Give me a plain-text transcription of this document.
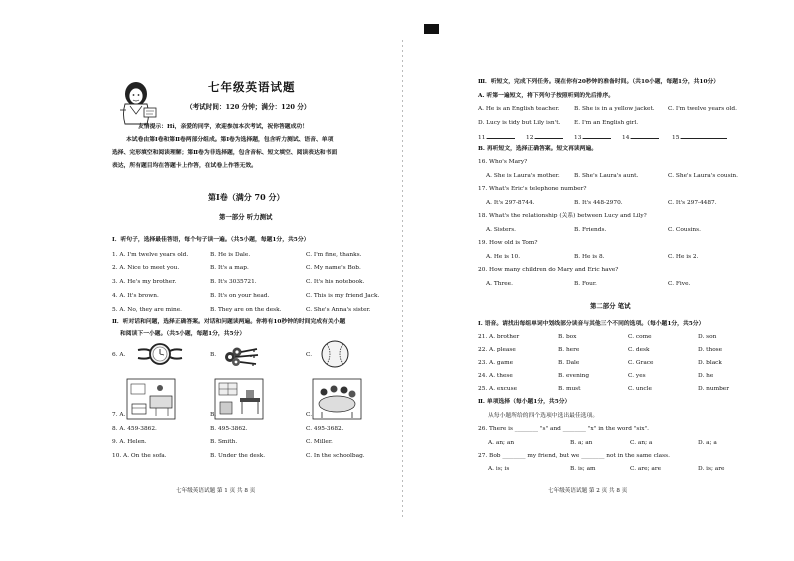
七年级英语试题
（考试时间：120 分钟；满分：120 分）
友情提示：Hi，亲爱的同学，欢迎参加本次考试，祝你答题成功！
本试卷由第Ⅰ卷和第Ⅱ卷两部分组成。第Ⅰ卷为选择题，包含听力测试、语音、单项
选择、完形填空和阅读理解；第Ⅱ卷为非选择题，包含音标、短文填空、阅读表达和书面
表达，所有题目均在答题卡上作答，在试卷上作答无效。
第Ⅰ卷（满分 70 分）
第一部分 听力测试
Ⅰ．听句子，选择最佳答语，每个句子读一遍。（共5小题，每题1分，共5分）
1. A. I'm twelve years old.	B. He is Dale.	C. I'm fine, thanks.
2. A. Nice to meet you.	B. It's a map.	C. My name's Bob.
3. A. He's my brother.	B. It's 3035721.	C. It's his notebook.
4. A. It's brown.	B. It's on your head.	C. This is my friend Jack.
5. A. No, they are mine.	B. They are on the desk.	C. She's Anna's sister.
Ⅱ．听对话和问题，选择正确答案。对话和问题读两遍。你将有10秒钟的时间完成有关小题
和阅读下一小题。（共5小题，每题1分，共5分）
6. A.	B.	C.
7. A.	B.	C.
8. A. 459-3862.	B. 495-3862.	C. 495-3682.
9. A. Helen.	B. Smith.	C. Miller.
10. A. On the sofa.	B. Under the desk.	C. In the schoolbag.
七年级英语试题 第 1 页 共 8 页
Ⅲ．听短文，完成下列任务。现在你有20秒钟的准备时间。（共10小题，每题1分，共10分）
A. 听第一遍短文，将下列句子按照听到的先后排序。
A. He is an English teacher.	B. She is in a yellow jacket. C. I'm twelve years old.
D. Lucy is tidy but Lily isn't. E. I'm an English girl.
11.	12.	13.	14.	15.
B. 再听短文，选择正确答案。短文再读两遍。
16. Who's Mary?
A. She is Laura's mother. B. She's Laura's aunt.	C. She's Laura's cousin.
17. What's Eric's telephone number?
A. It's 297-8744.	B. It's 448-2970.	C. It's 297-4487.
18. What's the relationship (关系) between Lucy and Lily?
A. Sisters.	B. Friends.	C. Cousins.
19. How old is Tom?
A. He is 10.	B. He is 8.	C. He is 2.
20. How many children do Mary and Eric have?
A. Three.	B. Four.	C. Five.
第二部分 笔试
Ⅰ. 语音。请找出每组单词中划线部分读音与其他三个不同的选项。（每小题1分，共5分）
21. A. brother	B. box	C. come	D. son
22. A. please	B. here	C. desk	D. those
23. A. game	B. Dale	C. Grace	D. black
24. A. these	B. evening	C. yes	D. he
25. A. excuse	B. must	C. uncle	D. number
Ⅱ. 单项选择（每小题1分，共5分）
从每小题所给的四个选项中选出最佳选项。
26. There is ________ "s" and ________ "x" in the word "six".
A. an; an	B. a; an	C. an; a	D. a; a
27. Bob ________ my friend, but we ________ not in the same class.
A. is; is	B. is; am	C. are; are	D. is; are
七年级英语试题 第 2 页 共 8 页
